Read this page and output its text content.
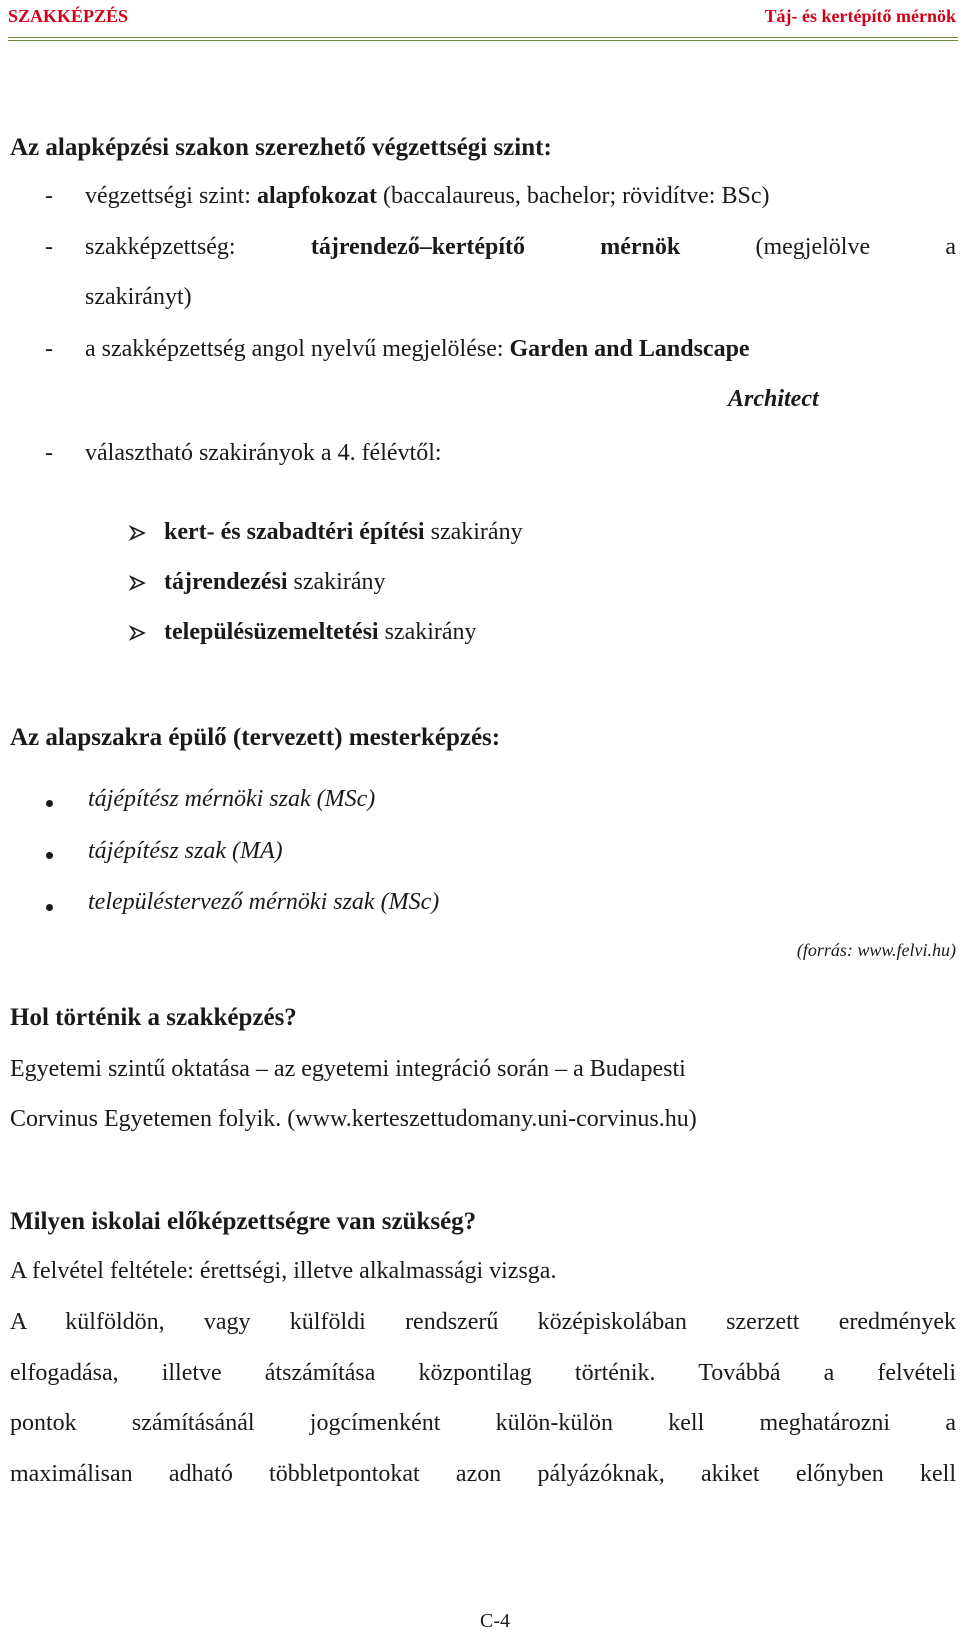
SZAKKÉPZÉS	Táj- és kertépítő mérnök
Az alapképzési szakon szerezhető végzettségi szint:
- végzettségi szint: alapfokozat (baccalaureus, bachelor; rövidítve: BSc)
- szakképzettség:	tájrendező–kertépítő	mérnök	(megjelölve	a
szakirányt)
- a szakképzettség angol nyelvű megjelölése: Garden and Landscape
Architect
- választható szakirányok a 4. félévtől:
kert- és szabadtéri építési szakirány
tájrendezési szakirány
településüzemeltetési szakirány
Az alapszakra épülő (tervezett) mesterképzés:
tájépítész mérnöki szak (MSc)
tájépítész szak (MA)
településtervező mérnöki szak (MSc)
(forrás: www.felvi.hu)
Hol történik a szakképzés?
Egyetemi szintű oktatása – az egyetemi integráció során – a Budapesti
Corvinus Egyetemen folyik. (www.kerteszettudomany.uni-corvinus.hu)
Milyen iskolai előképzettségre van szükség?
A felvétel feltétele: érettségi, illetve alkalmassági vizsga.
A külföldön, vagy külföldi rendszerű középiskolában szerzett eredmények
elfogadása, illetve átszámítása központilag történik. Továbbá a felvételi
pontok számításánál jogcímenként külön-külön kell meghatározni a
maximálisan adható többletpontokat azon pályázóknak, akiket előnyben kell
C-4
